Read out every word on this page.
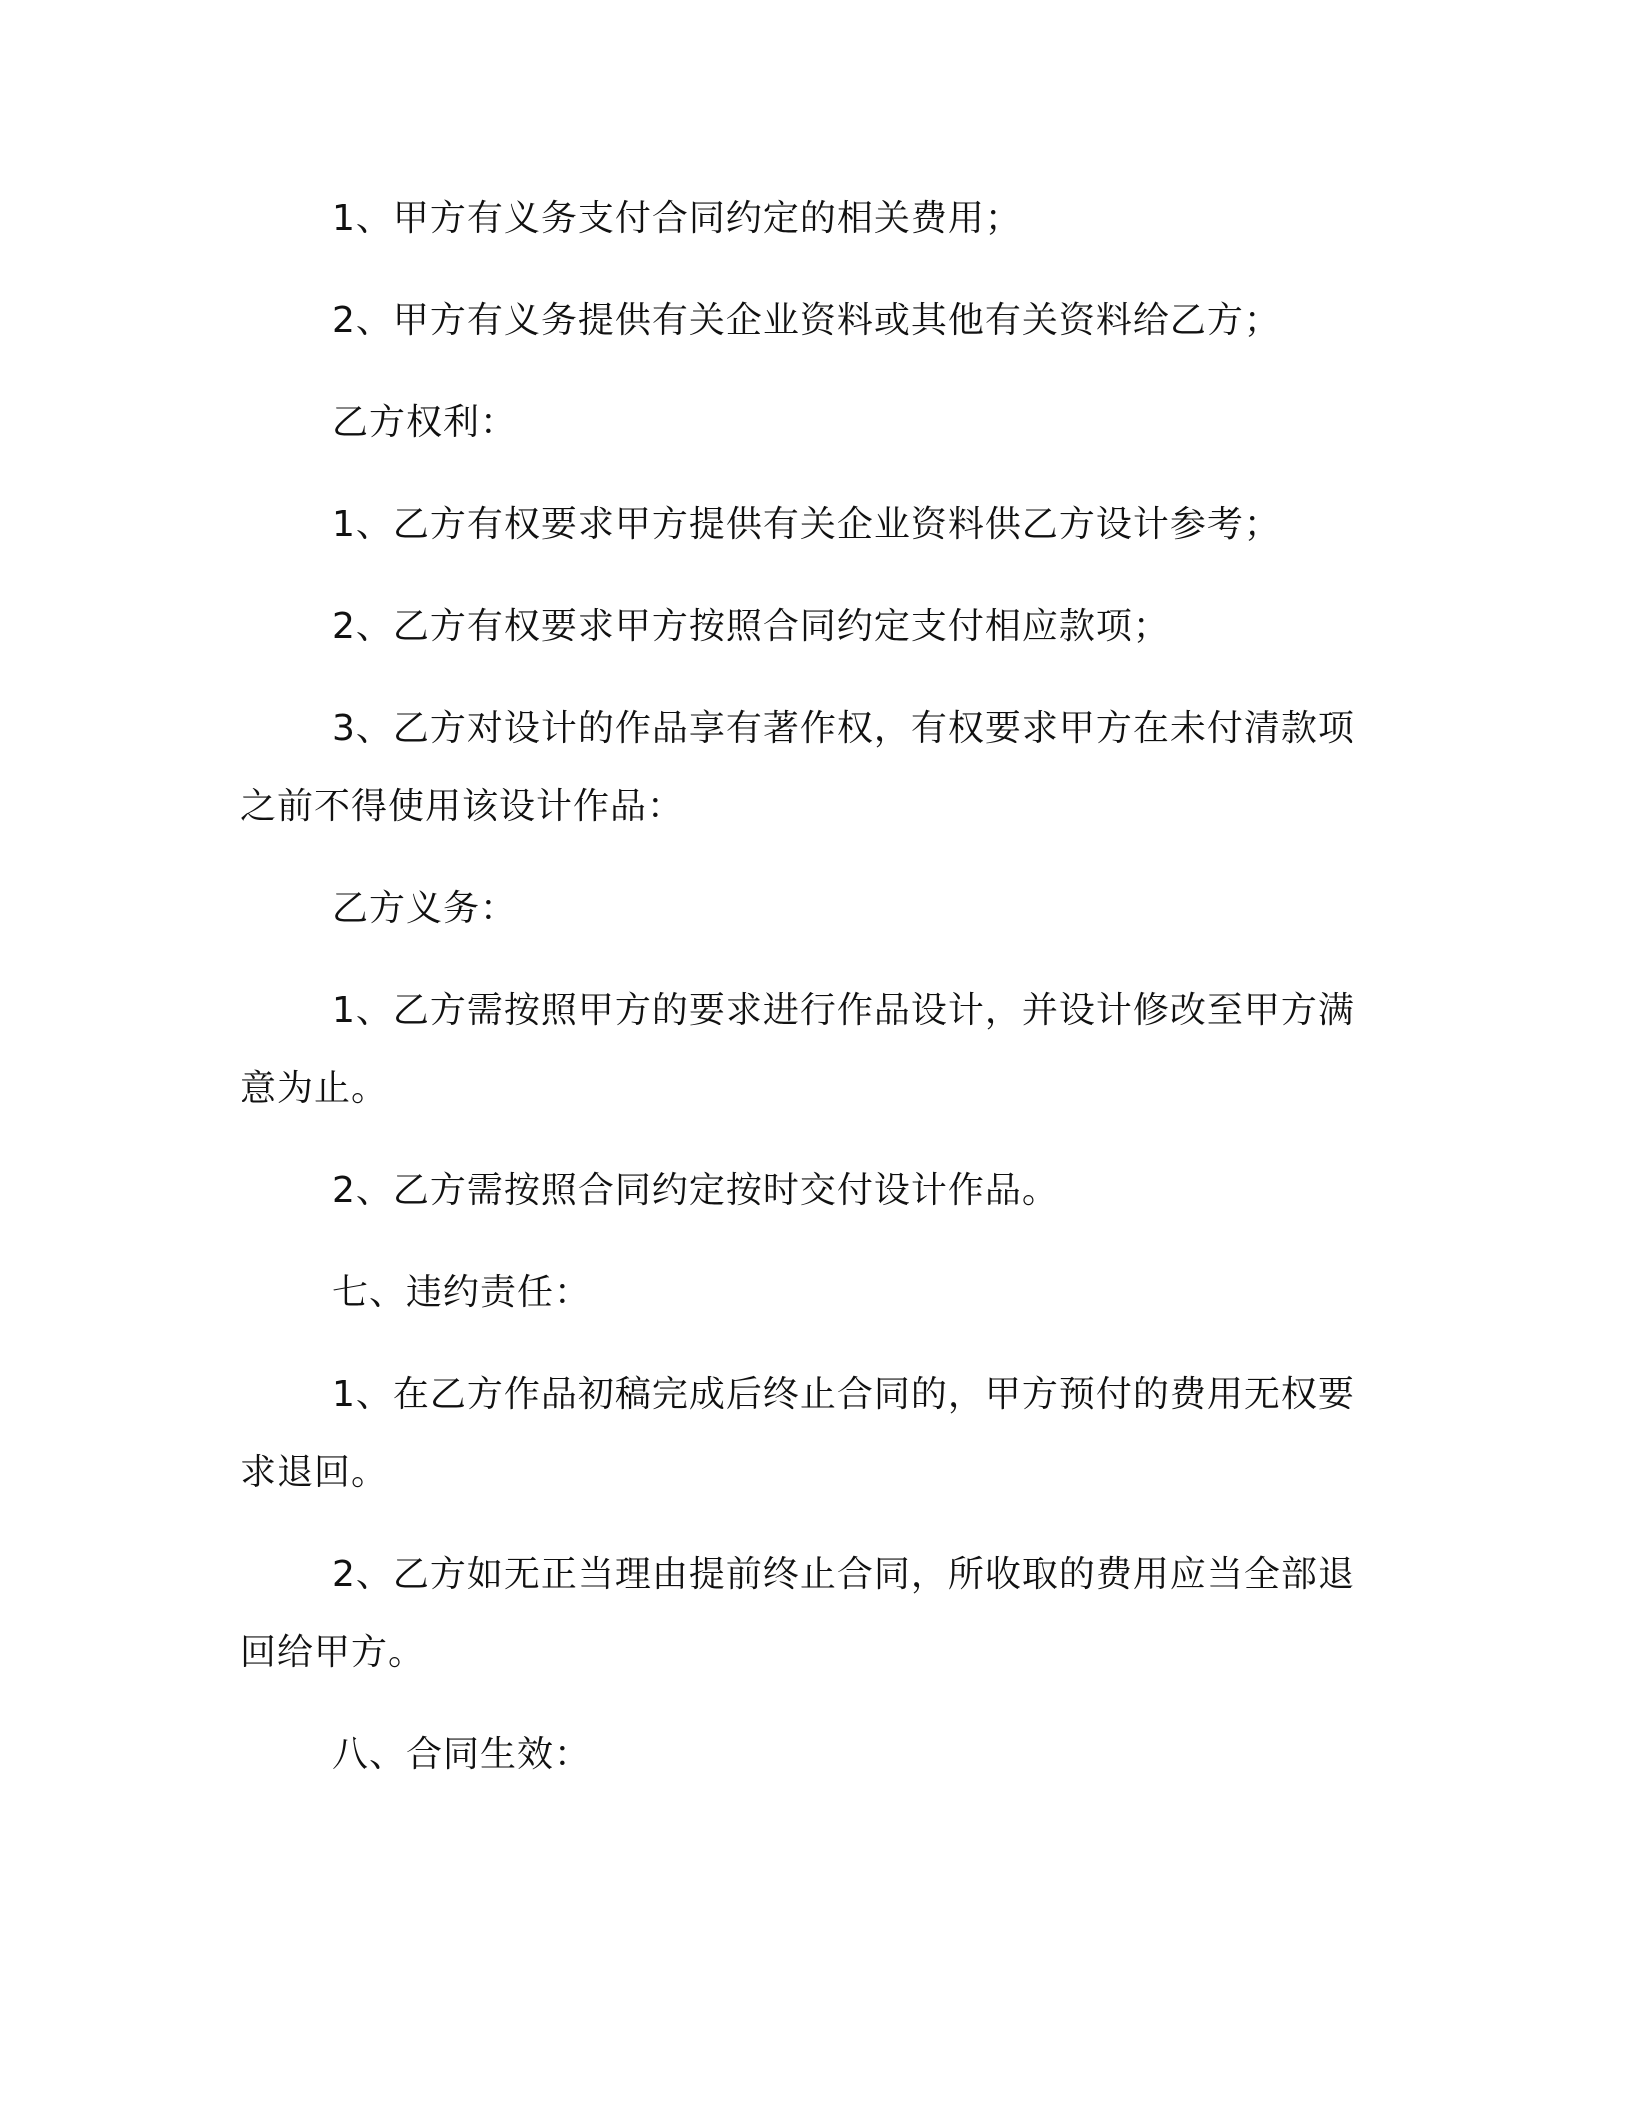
1、甲方有义务支付合同约定的相关费用；

2、甲方有义务提供有关企业资料或其他有关资料给乙方；

乙方权利：

1、乙方有权要求甲方提供有关企业资料供乙方设计参考；

2、乙方有权要求甲方按照合同约定支付相应款项；

3、乙方对设计的作品享有著作权，有权要求甲方在未付清款项之前不得使用该设计作品：

乙方义务：

1、乙方需按照甲方的要求进行作品设计，并设计修改至甲方满意为止。

2、乙方需按照合同约定按时交付设计作品。

七、违约责任：

1、在乙方作品初稿完成后终止合同的，甲方预付的费用无权要求退回。

2、乙方如无正当理由提前终止合同，所收取的费用应当全部退回给甲方。

八、合同生效：
